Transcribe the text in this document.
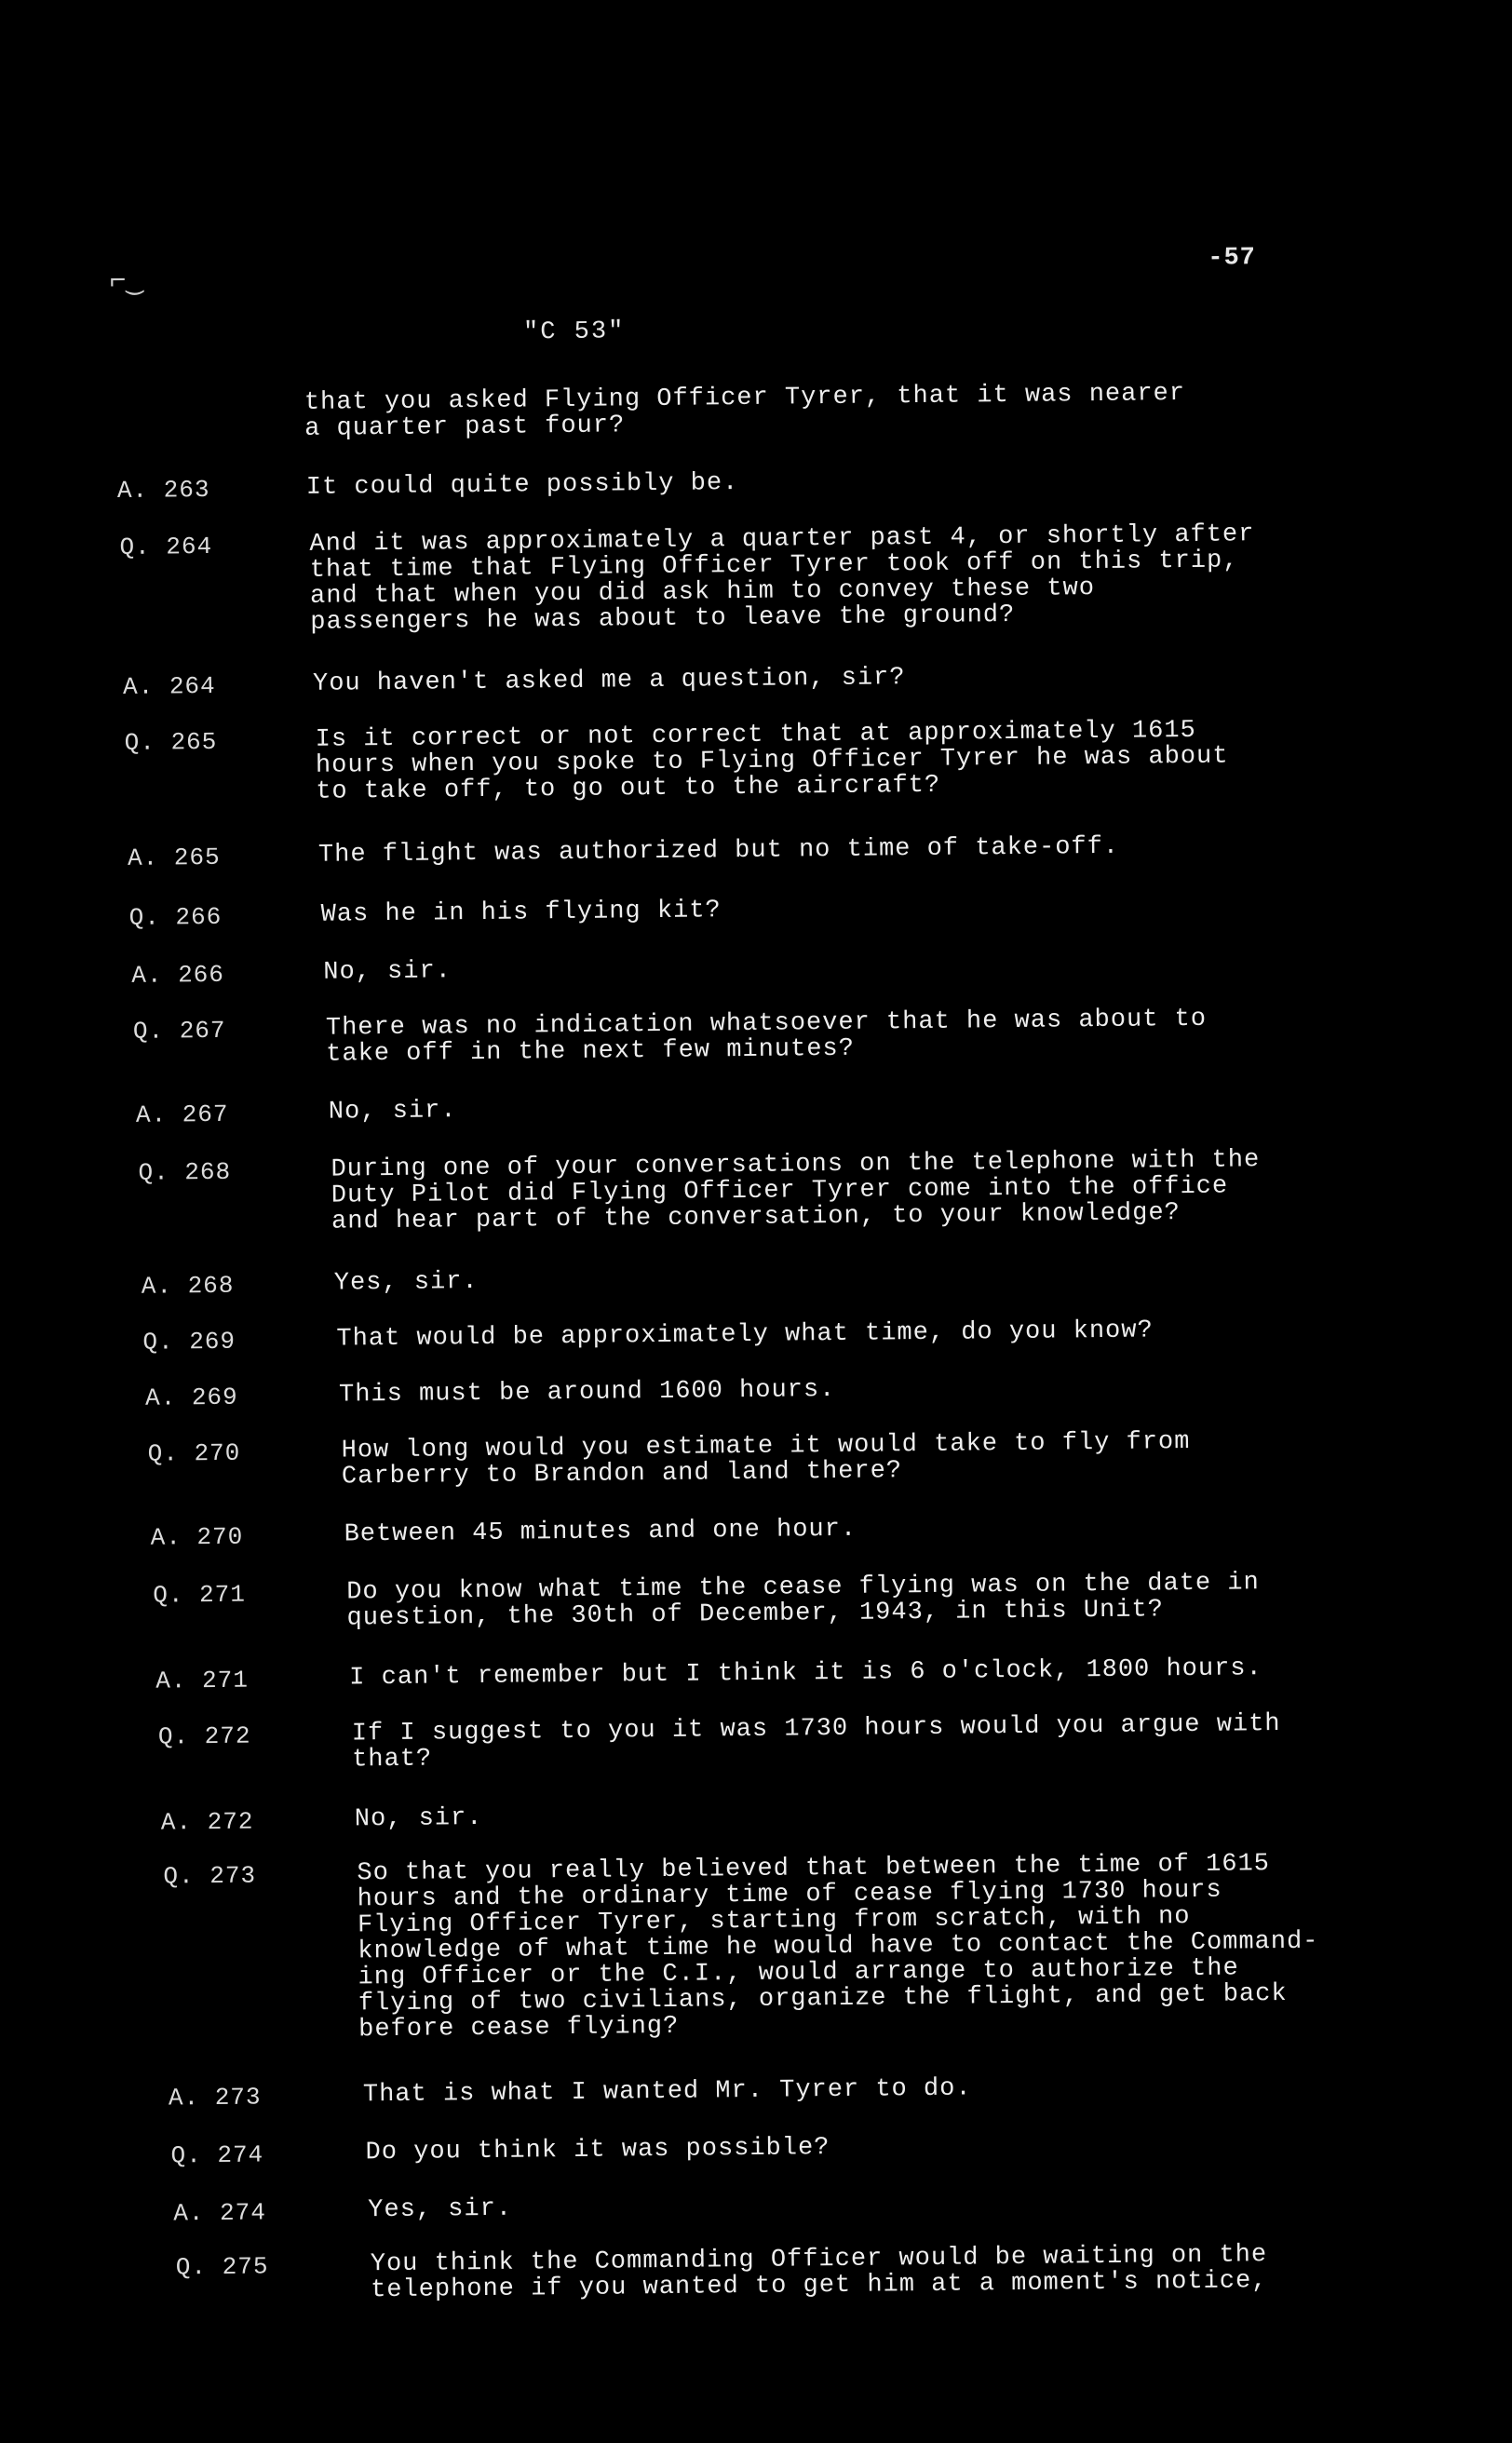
⌐‿
-57
"C 53"
that you asked Flying Officer Tyrer, that it was nearer
a quarter past four?
A. 263	It could quite possibly be.
Q. 264	And it was approximately a quarter past 4, or shortly after
that time that Flying Officer Tyrer took off on this trip,
and that when you did ask him to convey these two
passengers he was about to leave the ground?
A. 264	You haven't asked me a question, sir?
Q. 265	Is it correct or not correct that at approximately 1615
hours when you spoke to Flying Officer Tyrer he was about
to take off, to go out to the aircraft?
A. 265	The flight was authorized but no time of take-off.
Q. 266	Was he in his flying kit?
A. 266	No, sir.
Q. 267	There was no indication whatsoever that he was about to
take off in the next few minutes?
A. 267	No, sir.
Q. 268	During one of your conversations on the telephone with the
Duty Pilot did Flying Officer Tyrer come into the office
and hear part of the conversation, to your knowledge?
A. 268	Yes, sir.
Q. 269	That would be approximately what time, do you know?
A. 269	This must be around 1600 hours.
Q. 270	How long would you estimate it would take to fly from
Carberry to Brandon and land there?
A. 270	Between 45 minutes and one hour.
Q. 271	Do you know what time the cease flying was on the date in
question, the 30th of December, 1943, in this Unit?
A. 271	I can't remember but I think it is 6 o'clock, 1800 hours.
Q. 272	If I suggest to you it was 1730 hours would you argue with
that?
A. 272	No, sir.
Q. 273	So that you really believed that between the time of 1615
hours and the ordinary time of cease flying 1730 hours
Flying Officer Tyrer, starting from scratch, with no
knowledge of what time he would have to contact the Command-
ing Officer or the C.I., would arrange to authorize the
flying of two civilians, organize the flight, and get back
before cease flying?
A. 273	That is what I wanted Mr. Tyrer to do.
Q. 274	Do you think it was possible?
A. 274	Yes, sir.
Q. 275	You think the Commanding Officer would be waiting on the
telephone if you wanted to get him at a moment's notice,
